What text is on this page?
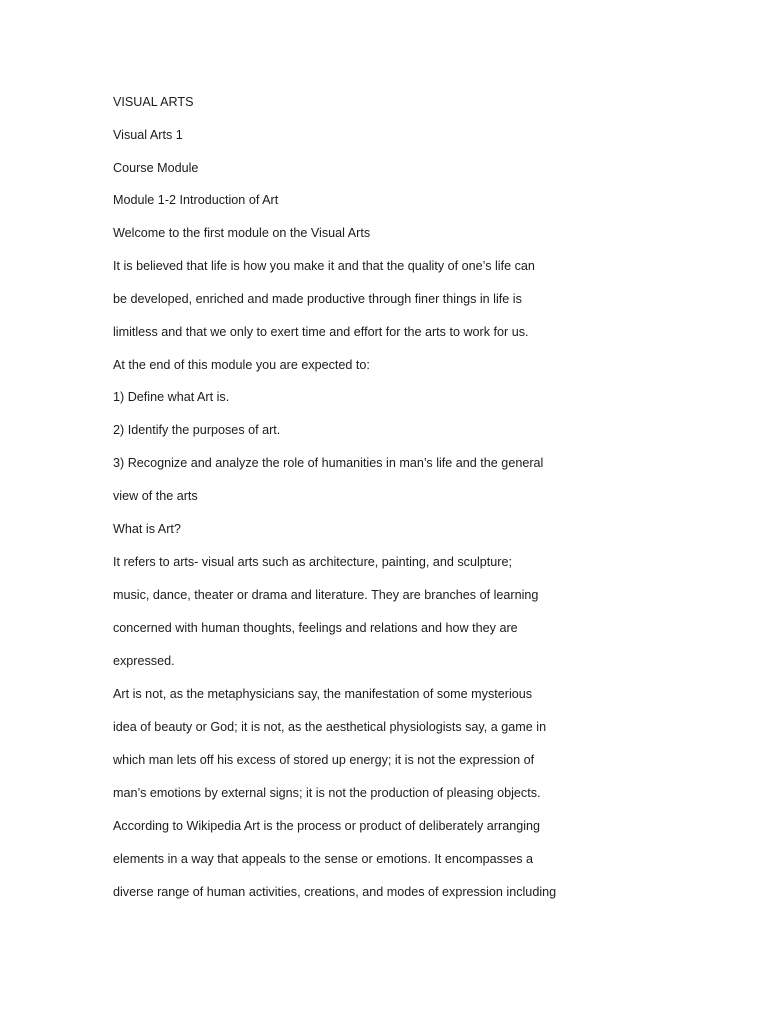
VISUAL ARTS

Visual Arts 1

Course Module

Module 1-2 Introduction of Art

Welcome to the first module on the Visual Arts

It is believed that life is how you make it and that the quality of one’s life can

be developed, enriched and made productive through finer things in life is

limitless and that we only to exert time and effort for the arts to work for us.

At the end of this module you are expected to:

1) Define what Art is.

2) Identify the purposes of art.

3) Recognize and analyze the role of humanities in man’s life and the general

view of the arts

What is Art?

It refers to arts- visual arts such as architecture, painting, and sculpture;

music, dance, theater or drama and literature. They are branches of learning

concerned with human thoughts, feelings and relations and how they are

expressed.

Art is not, as the metaphysicians say, the manifestation of some mysterious

idea of beauty or God; it is not, as the aesthetical physiologists say, a game in

which man lets off his excess of stored up energy; it is not the expression of

man’s emotions by external signs; it is not the production of pleasing objects.

According to Wikipedia Art is the process or product of deliberately arranging

elements in a way that appeals to the sense or emotions. It encompasses a

diverse range of human activities, creations, and modes of expression including
